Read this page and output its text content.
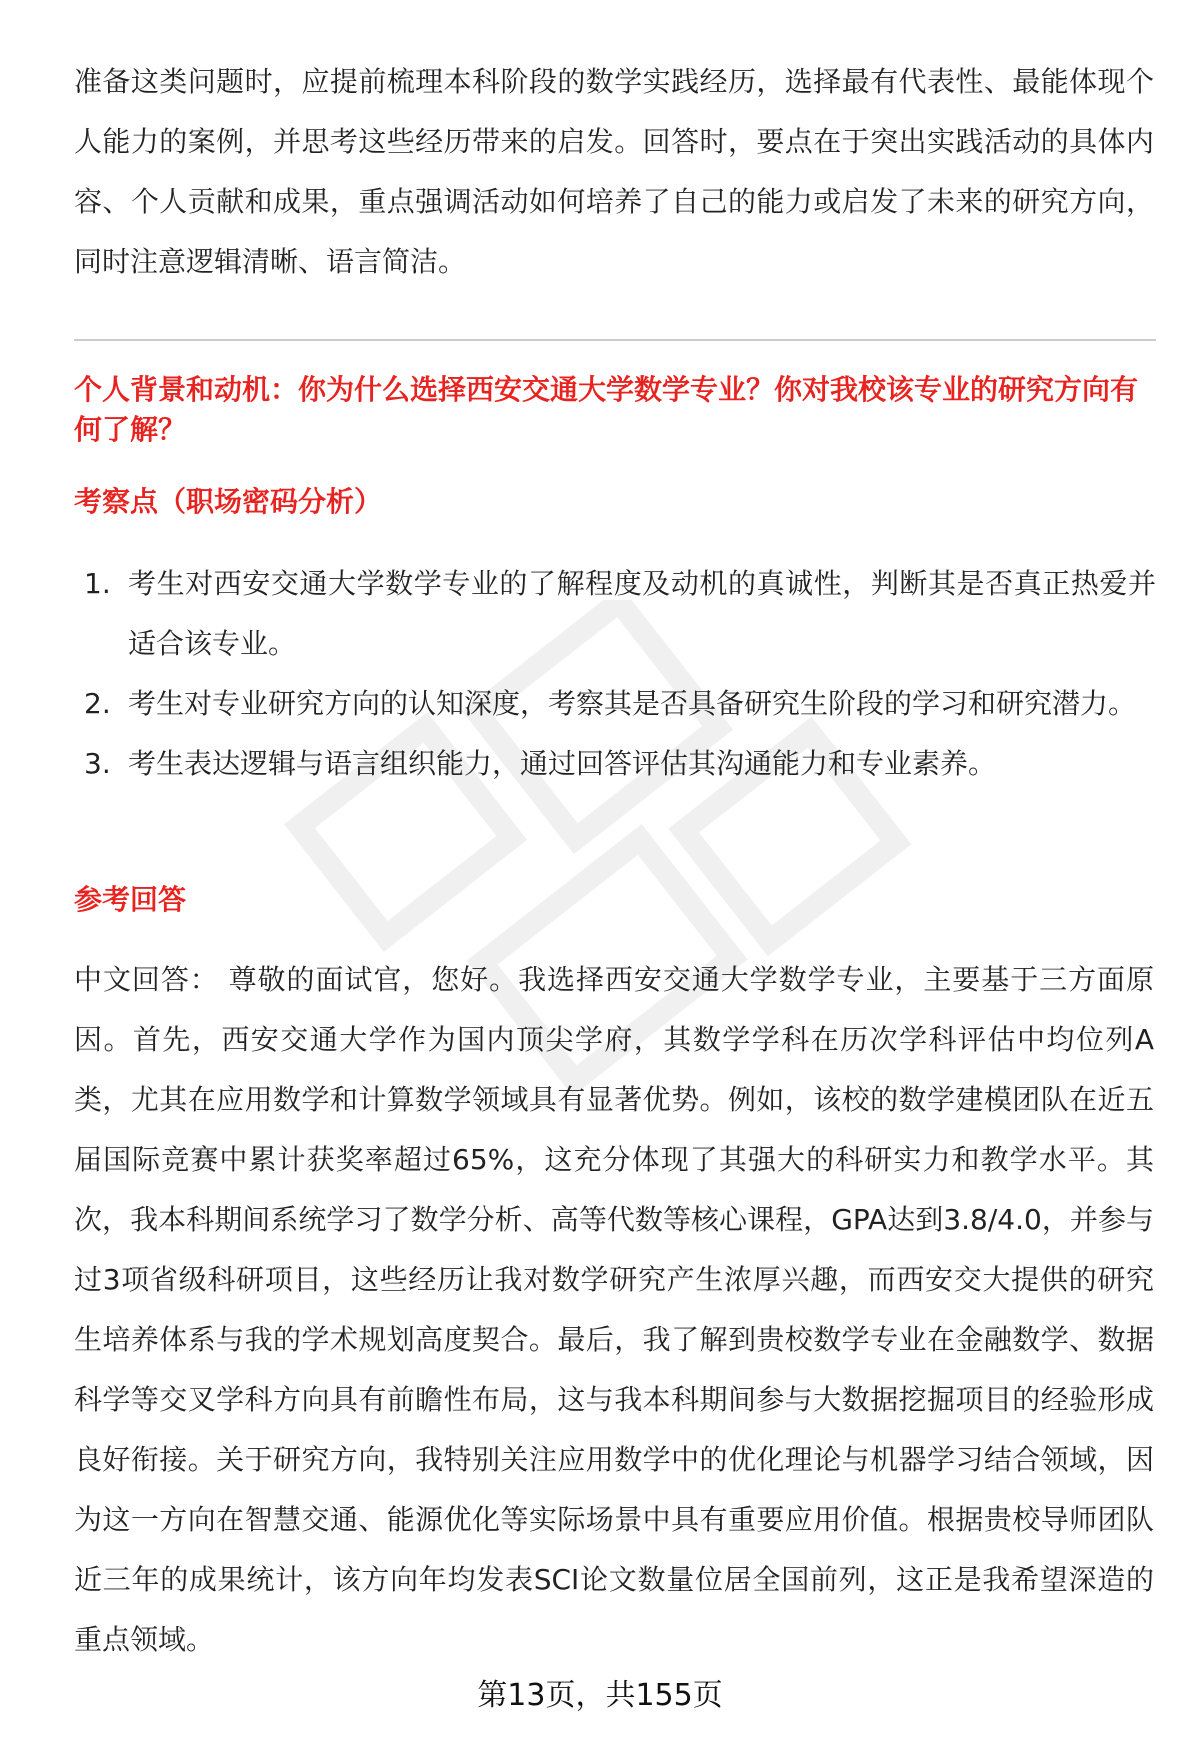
准备这类问题时，应提前梳理本科阶段的数学实践经历，选择最有代表性、最能体现个人能力的案例，并思考这些经历带来的启发。回答时，要点在于突出实践活动的具体内容、个人贡献和成果，重点强调活动如何培养了自己的能力或启发了未来的研究方向，同时注意逻辑清晰、语言简洁。

个人背景和动机：你为什么选择西安交通大学数学专业？你对我校该专业的研究方向有何了解？

考察点（职场密码分析）

1. 考生对西安交通大学数学专业的了解程度及动机的真诚性，判断其是否真正热爱并适合该专业。
2. 考生对专业研究方向的认知深度，考察其是否具备研究生阶段的学习和研究潜力。
3. 考生表达逻辑与语言组织能力，通过回答评估其沟通能力和专业素养。

参考回答

中文回答： 尊敬的面试官，您好。我选择西安交通大学数学专业，主要基于三方面原因。首先，西安交通大学作为国内顶尖学府，其数学学科在历次学科评估中均位列A类，尤其在应用数学和计算数学领域具有显著优势。例如，该校的数学建模团队在近五届国际竞赛中累计获奖率超过65%，这充分体现了其强大的科研实力和教学水平。其次，我本科期间系统学习了数学分析、高等代数等核心课程，GPA达到3.8/4.0，并参与过3项省级科研项目，这些经历让我对数学研究产生浓厚兴趣，而西安交大提供的研究生培养体系与我的学术规划高度契合。最后，我了解到贵校数学专业在金融数学、数据科学等交叉学科方向具有前瞻性布局，这与我本科期间参与大数据挖掘项目的经验形成良好衔接。关于研究方向，我特别关注应用数学中的优化理论与机器学习结合领域，因为这一方向在智慧交通、能源优化等实际场景中具有重要应用价值。根据贵校导师团队近三年的成果统计，该方向年均发表SCI论文数量位居全国前列，这正是我希望深造的重点领域。

第13页，共155页
